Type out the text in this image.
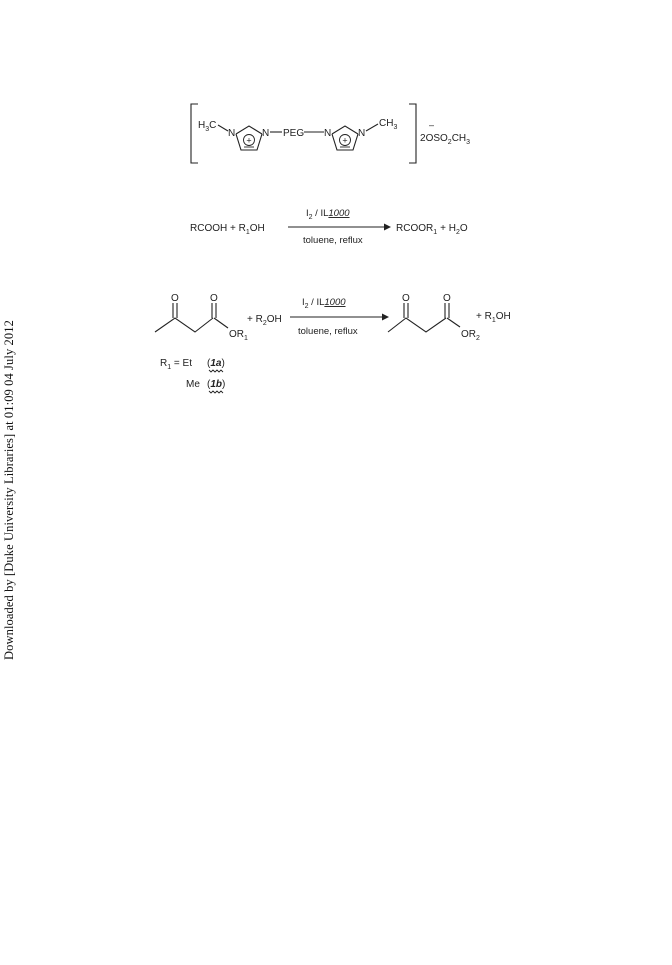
Downloaded by [Duke University Libraries] at 01:09 04 July 2012
$H_3C$
N
+
N PEG N
+
N
$CH_3$	–
$2OSO_2CH_3$
RCOOH + $R_1OH$
$I_2 / IL1000$
toluene, reflux
$RCOOR_1 + H_2O$
O	O
$OR_1$
+ $R_2OH$
$I_2 / IL1000$
toluene, reflux
O	O
$OR_2$
+ $R_1OH$
$R_1 = Et$ (1a)
Me (1b)
